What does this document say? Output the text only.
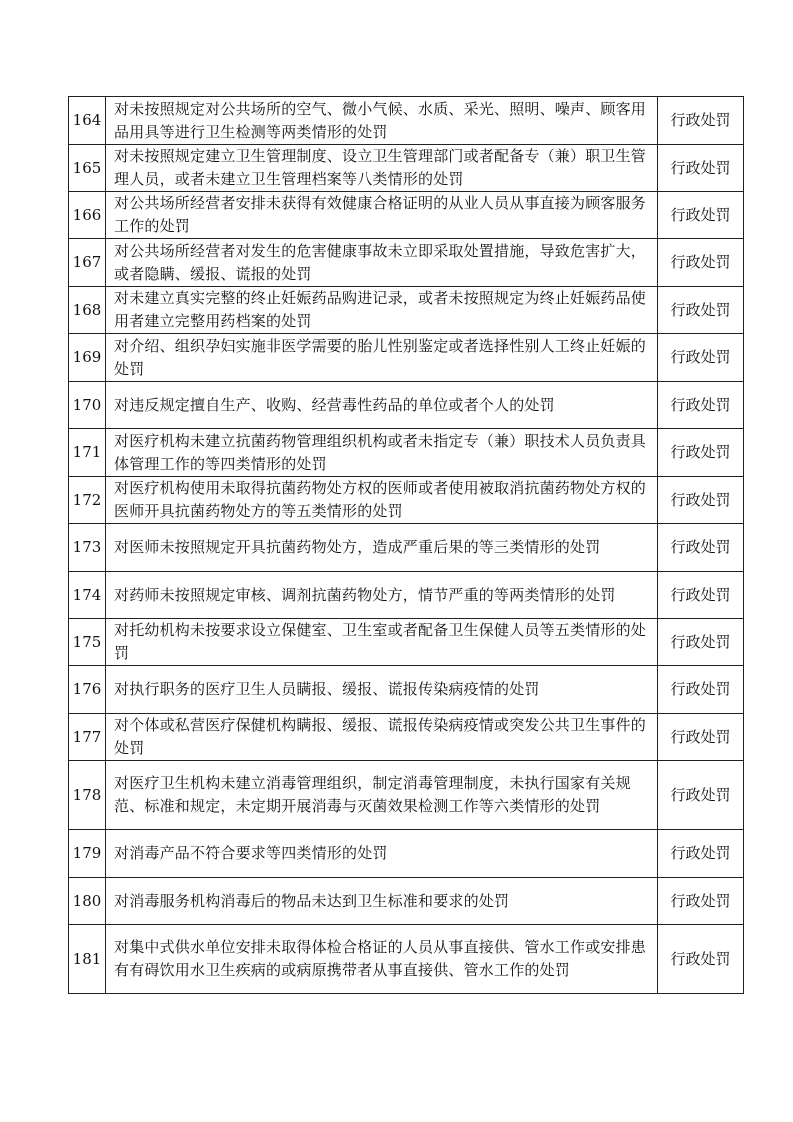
164	对未按照规定对公共场所的空气、微小气候、水质、采光、照明、噪声、顾客用品用具等进行卫生检测等两类情形的处罚	行政处罚
165	对未按照规定建立卫生管理制度、设立卫生管理部门或者配备专（兼）职卫生管理人员，或者未建立卫生管理档案等八类情形的处罚	行政处罚
166	对公共场所经营者安排未获得有效健康合格证明的从业人员从事直接为顾客服务工作的处罚	行政处罚
167	对公共场所经营者对发生的危害健康事故未立即采取处置措施，导致危害扩大，或者隐瞒、缓报、谎报的处罚	行政处罚
168	对未建立真实完整的终止妊娠药品购进记录，或者未按照规定为终止妊娠药品使用者建立完整用药档案的处罚	行政处罚
169	对介绍、组织孕妇实施非医学需要的胎儿性别鉴定或者选择性别人工终止妊娠的处罚	行政处罚
170	对违反规定擅自生产、收购、经营毒性药品的单位或者个人的处罚	行政处罚
171	对医疗机构未建立抗菌药物管理组织机构或者未指定专（兼）职技术人员负责具体管理工作的等四类情形的处罚	行政处罚
172	对医疗机构使用未取得抗菌药物处方权的医师或者使用被取消抗菌药物处方权的医师开具抗菌药物处方的等五类情形的处罚	行政处罚
173	对医师未按照规定开具抗菌药物处方，造成严重后果的等三类情形的处罚	行政处罚
174	对药师未按照规定审核、调剂抗菌药物处方，情节严重的等两类情形的处罚	行政处罚
175	对托幼机构未按要求设立保健室、卫生室或者配备卫生保健人员等五类情形的处罚	行政处罚
176	对执行职务的医疗卫生人员瞒报、缓报、谎报传染病疫情的处罚	行政处罚
177	对个体或私营医疗保健机构瞒报、缓报、谎报传染病疫情或突发公共卫生事件的处罚	行政处罚
178	对医疗卫生机构未建立消毒管理组织，制定消毒管理制度，未执行国家有关规范、标准和规定，未定期开展消毒与灭菌效果检测工作等六类情形的处罚	行政处罚
179	对消毒产品不符合要求等四类情形的处罚	行政处罚
180	对消毒服务机构消毒后的物品未达到卫生标准和要求的处罚	行政处罚
181	对集中式供水单位安排未取得体检合格证的人员从事直接供、管水工作或安排患有有碍饮用水卫生疾病的或病原携带者从事直接供、管水工作的处罚	行政处罚
